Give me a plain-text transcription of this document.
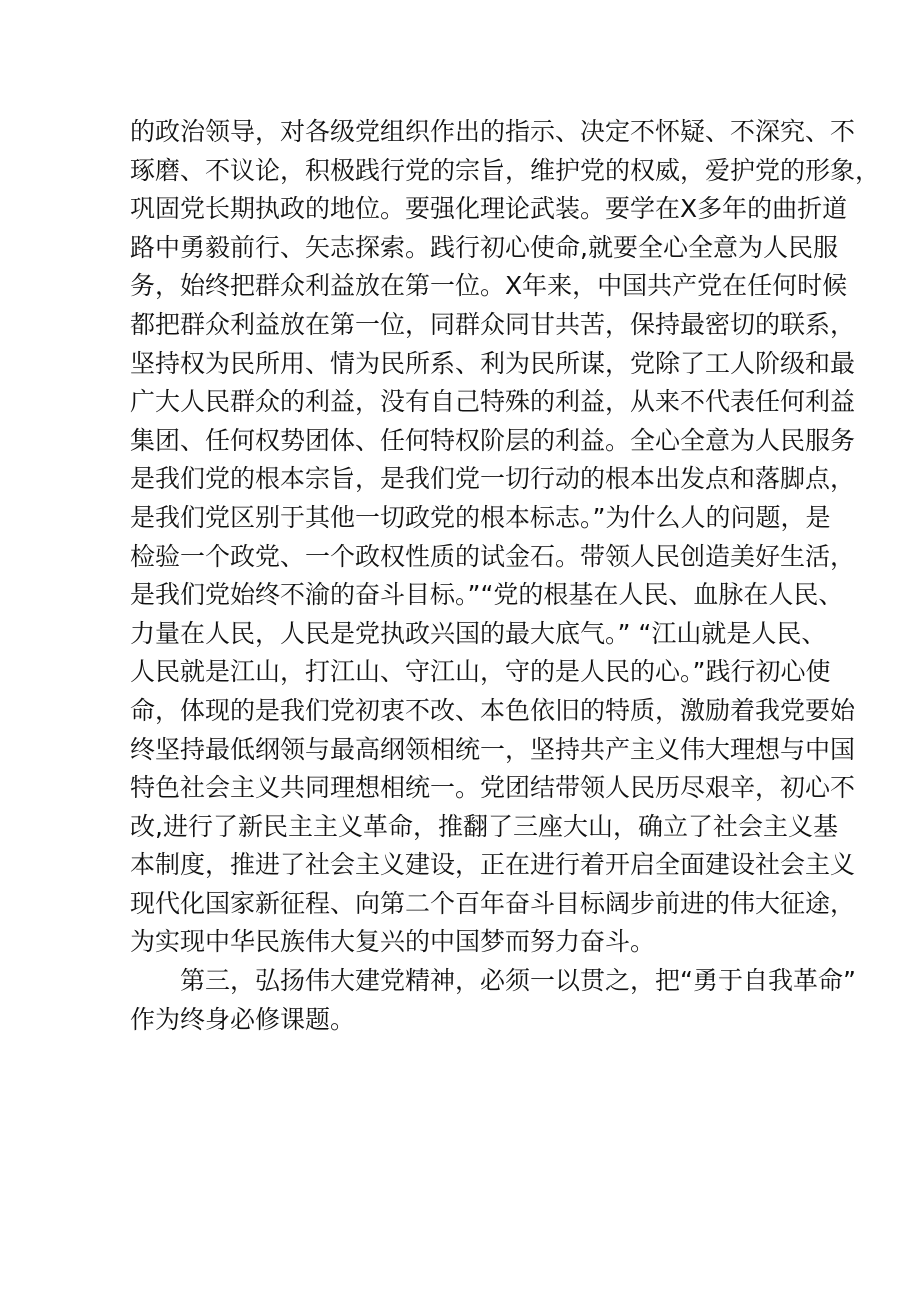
的政治领导，对各级党组织作出的指示、决定不怀疑、不深究、不
琢磨、不议论，积极践行党的宗旨，维护党的权威，爱护党的形象，
巩固党长期执政的地位。要强化理论武装。要学在X多年的曲折道
路中勇毅前行、矢志探索。践行初心使命,就要全心全意为人民服
务，始终把群众利益放在第一位。X年来，中国共产党在任何时候
都把群众利益放在第一位，同群众同甘共苦，保持最密切的联系，
坚持权为民所用、情为民所系、利为民所谋，党除了工人阶级和最
广大人民群众的利益，没有自己特殊的利益，从来不代表任何利益
集团、任何权势团体、任何特权阶层的利益。全心全意为人民服务
是我们党的根本宗旨，是我们党一切行动的根本出发点和落脚点，
是我们党区别于其他一切政党的根本标志。”为什么人的问题，是
检验一个政党、一个政权性质的试金石。带领人民创造美好生活，
是我们党始终不渝的奋斗目标。”“党的根基在人民、血脉在人民、
力量在人民，人民是党执政兴国的最大底气。” “江山就是人民、
人民就是江山，打江山、守江山，守的是人民的心。”践行初心使
命，体现的是我们党初衷不改、本色依旧的特质，激励着我党要始
终坚持最低纲领与最高纲领相统一，坚持共产主义伟大理想与中国
特色社会主义共同理想相统一。党团结带领人民历尽艰辛，初心不
改,进行了新民主主义革命，推翻了三座大山，确立了社会主义基
本制度，推进了社会主义建设，正在进行着开启全面建设社会主义
现代化国家新征程、向第二个百年奋斗目标阔步前进的伟大征途，
为实现中华民族伟大复兴的中国梦而努力奋斗。
第三，弘扬伟大建党精神，必须一以贯之，把“勇于自我革命”
作为终身必修课题。
